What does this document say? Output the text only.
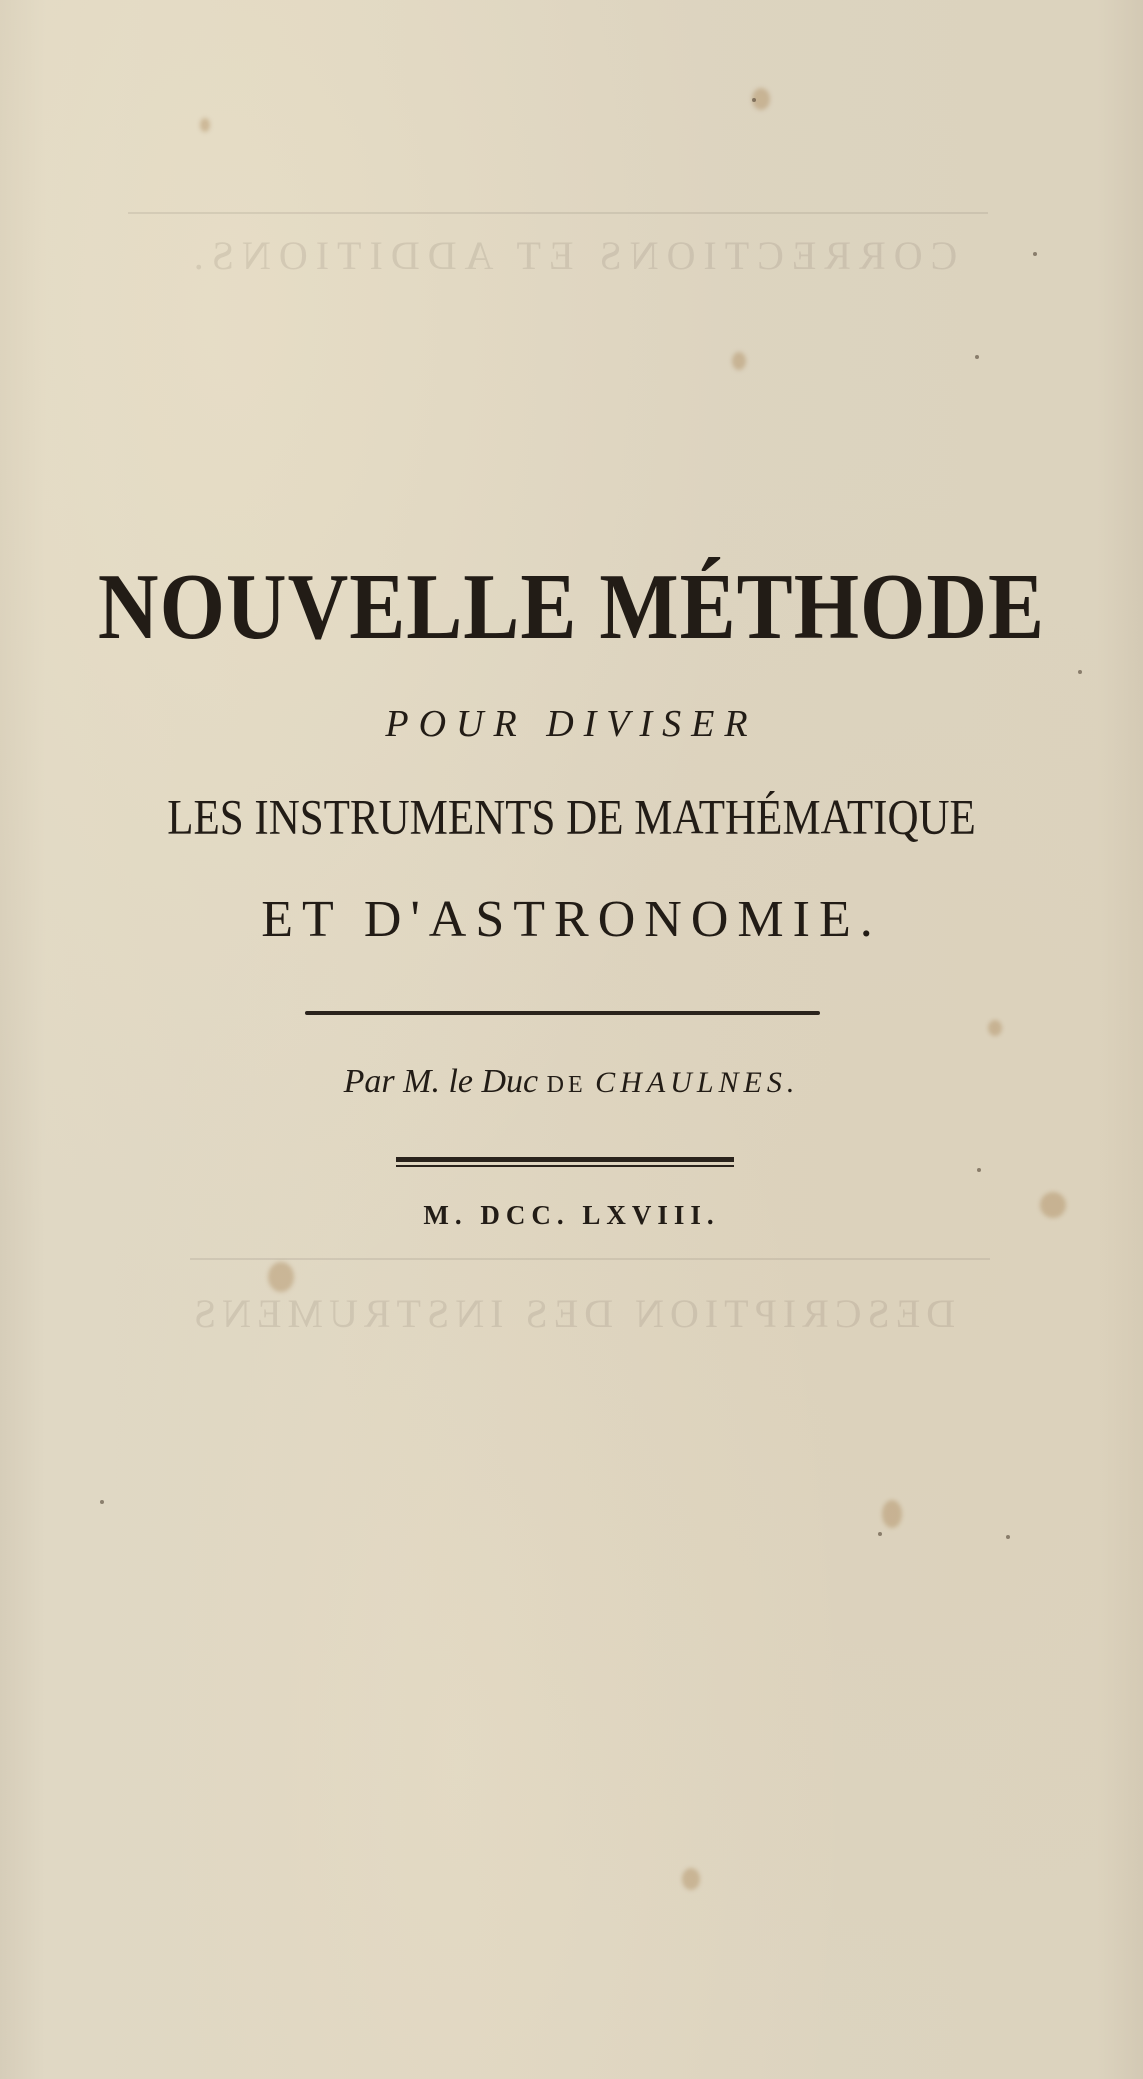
CORRECTIONS ET ADDITIONS.
DESCRIPTION DES INSTRUMENS
NOUVELLE MÉTHODE
POUR DIVISER
LES INSTRUMENTS DE MATHÉMATIQUE
ET D'ASTRONOMIE.
Par M. le Duc DE CHAULNES.
M. DCC. LXVIII.
